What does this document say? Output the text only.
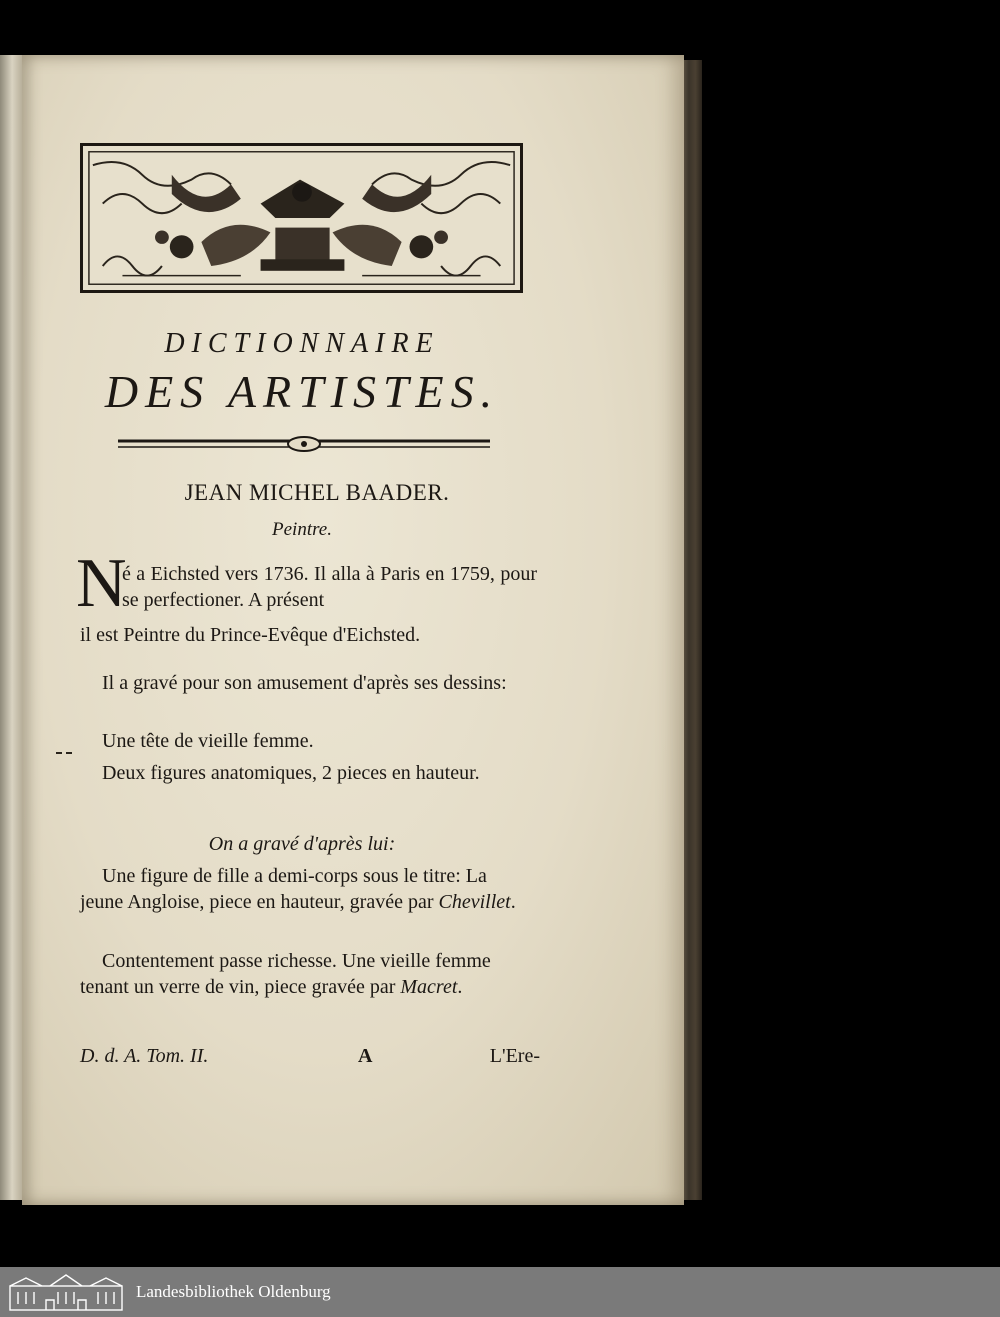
DICTIONNAIRE
DES ARTISTES.
JEAN MICHEL BAADER.
Peintre.
N
é a Eichsted vers 1736. Il alla à Paris en 1759, pour se perfectioner. A présent
il est Peintre du Prince-Evêque d'Eichsted.
Il a gravé pour son amusement d'après ses dessins:
Une tête de vieille femme.
Deux figures anatomiques, 2 pieces en hauteur.
On a gravé d'après lui:
Une figure de fille a demi-corps sous le titre: La jeune Angloise, piece en hauteur, gravée par Chevillet.
Contentement passe richesse. Une vieille femme tenant un verre de vin, piece gravée par Macret.
D. d. A. Tom. II.	A	L'Ere-
Landesbibliothek Oldenburg
